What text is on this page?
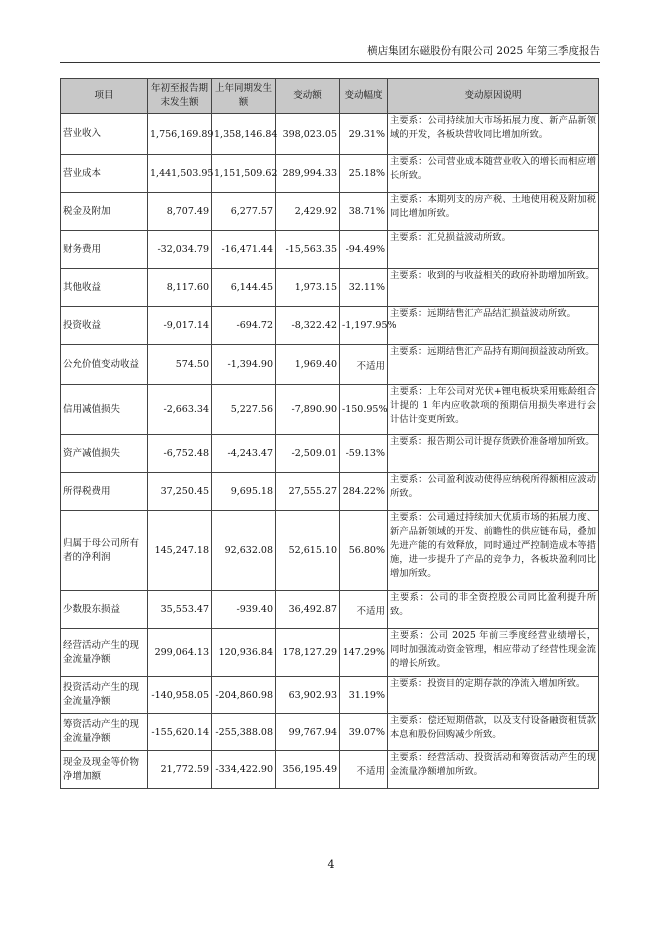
横店集团东磁股份有限公司 2025 年第三季度报告
项目	年初至报告期末发生额	上年同期发生额	变动额	变动幅度	变动原因说明
营业收入	1,756,169.89	1,358,146.84	398,023.05	29.31%	主要系：公司持续加大市场拓展力度、新产品新领域的开发，各板块营收同比增加所致。
营业成本	1,441,503.95	1,151,509.62	289,994.33	25.18%	主要系：公司营业成本随营业收入的增长而相应增长所致。
税金及附加	8,707.49	6,277.57	2,429.92	38.71%	主要系：本期列支的房产税、土地使用税及附加税同比增加所致。
财务费用	-32,034.79	-16,471.44	-15,563.35	-94.49%	主要系：汇兑损益波动所致。
其他收益	8,117.60	6,144.45	1,973.15	32.11%	主要系：收到的与收益相关的政府补助增加所致。
投资收益	-9,017.14	-694.72	-8,322.42	-1,197.95%	主要系：远期结售汇产品结汇损益波动所致。
公允价值变动收益	574.50	-1,394.90	1,969.40	不适用	主要系：远期结售汇产品持有期间损益波动所致。
信用减值损失	-2,663.34	5,227.56	-7,890.90	-150.95%	主要系：上年公司对光伏+锂电板块采用账龄组合计提的 1 年内应收款项的预期信用损失率进行会计估计变更所致。
资产减值损失	-6,752.48	-4,243.47	-2,509.01	-59.13%	主要系：报告期公司计提存货跌价准备增加所致。
所得税费用	37,250.45	9,695.18	27,555.27	284.22%	主要系：公司盈利波动使得应纳税所得额相应波动所致。
归属于母公司所有者的净利润	145,247.18	92,632.08	52,615.10	56.80%	主要系：公司通过持续加大优质市场的拓展力度、新产品新领域的开发、前瞻性的供应链布局，叠加先进产能的有效释放，同时通过严控制造成本等措施，进一步提升了产品的竞争力，各板块盈利同比增加所致。
少数股东损益	35,553.47	-939.40	36,492.87	不适用	主要系：公司的非全资控股公司同比盈利提升所致。
经营活动产生的现金流量净额	299,064.13	120,936.84	178,127.29	147.29%	主要系：公司 2025 年前三季度经营业绩增长，同时加强流动资金管理，相应带动了经营性现金流的增长所致。
投资活动产生的现金流量净额	-140,958.05	-204,860.98	63,902.93	31.19%	主要系：投资目的定期存款的净流入增加所致。
筹资活动产生的现金流量净额	-155,620.14	-255,388.08	99,767.94	39.07%	主要系：偿还短期借款，以及支付设备融资租赁款本息和股份回购减少所致。
现金及现金等价物净增加额	21,772.59	-334,422.90	356,195.49	不适用	主要系：经营活动、投资活动和筹资活动产生的现金流量净额增加所致。
4
